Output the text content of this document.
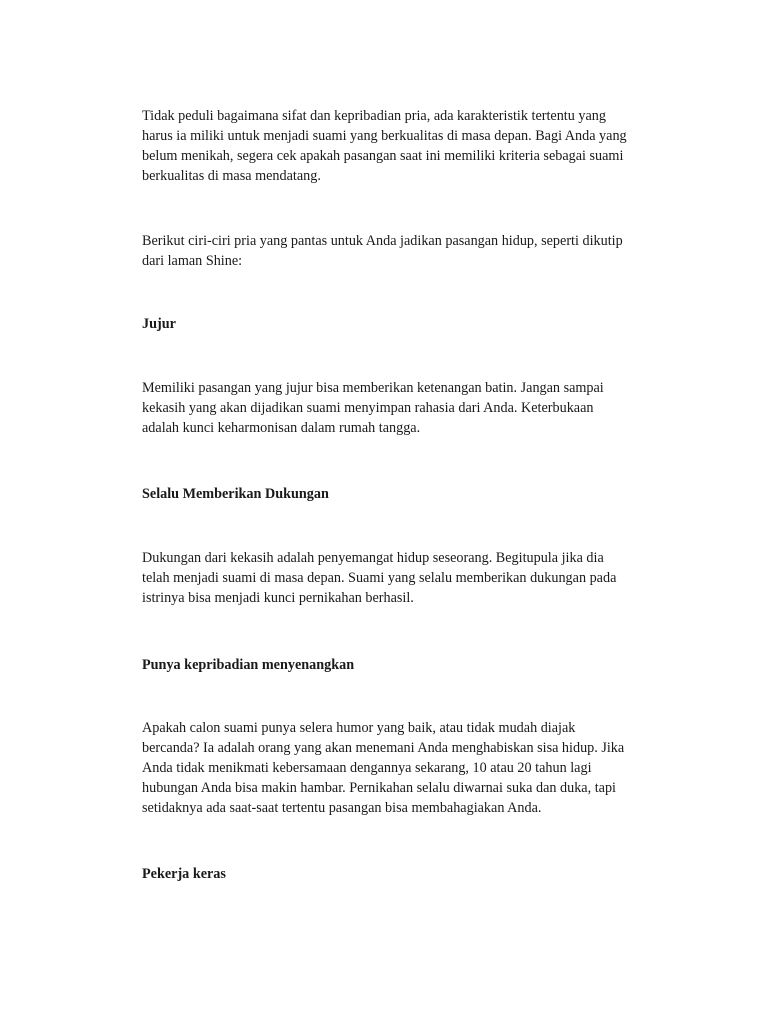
Tidak peduli bagaimana sifat dan kepribadian pria, ada karakteristik tertentu yang
harus ia miliki untuk menjadi suami yang berkualitas di masa depan. Bagi Anda yang
belum menikah, segera cek apakah pasangan saat ini memiliki kriteria sebagai suami
berkualitas di masa mendatang.

Berikut ciri-ciri pria yang pantas untuk Anda jadikan pasangan hidup, seperti dikutip
dari laman Shine:

Jujur

Memiliki pasangan yang jujur bisa memberikan ketenangan batin. Jangan sampai
kekasih yang akan dijadikan suami menyimpan rahasia dari Anda. Keterbukaan
adalah kunci keharmonisan dalam rumah tangga.

Selalu Memberikan Dukungan

Dukungan dari kekasih adalah penyemangat hidup seseorang. Begitupula jika dia
telah menjadi suami di masa depan. Suami yang selalu memberikan dukungan pada
istrinya bisa menjadi kunci pernikahan berhasil.

Punya kepribadian menyenangkan

Apakah calon suami punya selera humor yang baik, atau tidak mudah diajak
bercanda? Ia adalah orang yang akan menemani Anda menghabiskan sisa hidup. Jika
Anda tidak menikmati kebersamaan dengannya sekarang, 10 atau 20 tahun lagi
hubungan Anda bisa makin hambar. Pernikahan selalu diwarnai suka dan duka, tapi
setidaknya ada saat-saat tertentu pasangan bisa membahagiakan Anda.

Pekerja keras
